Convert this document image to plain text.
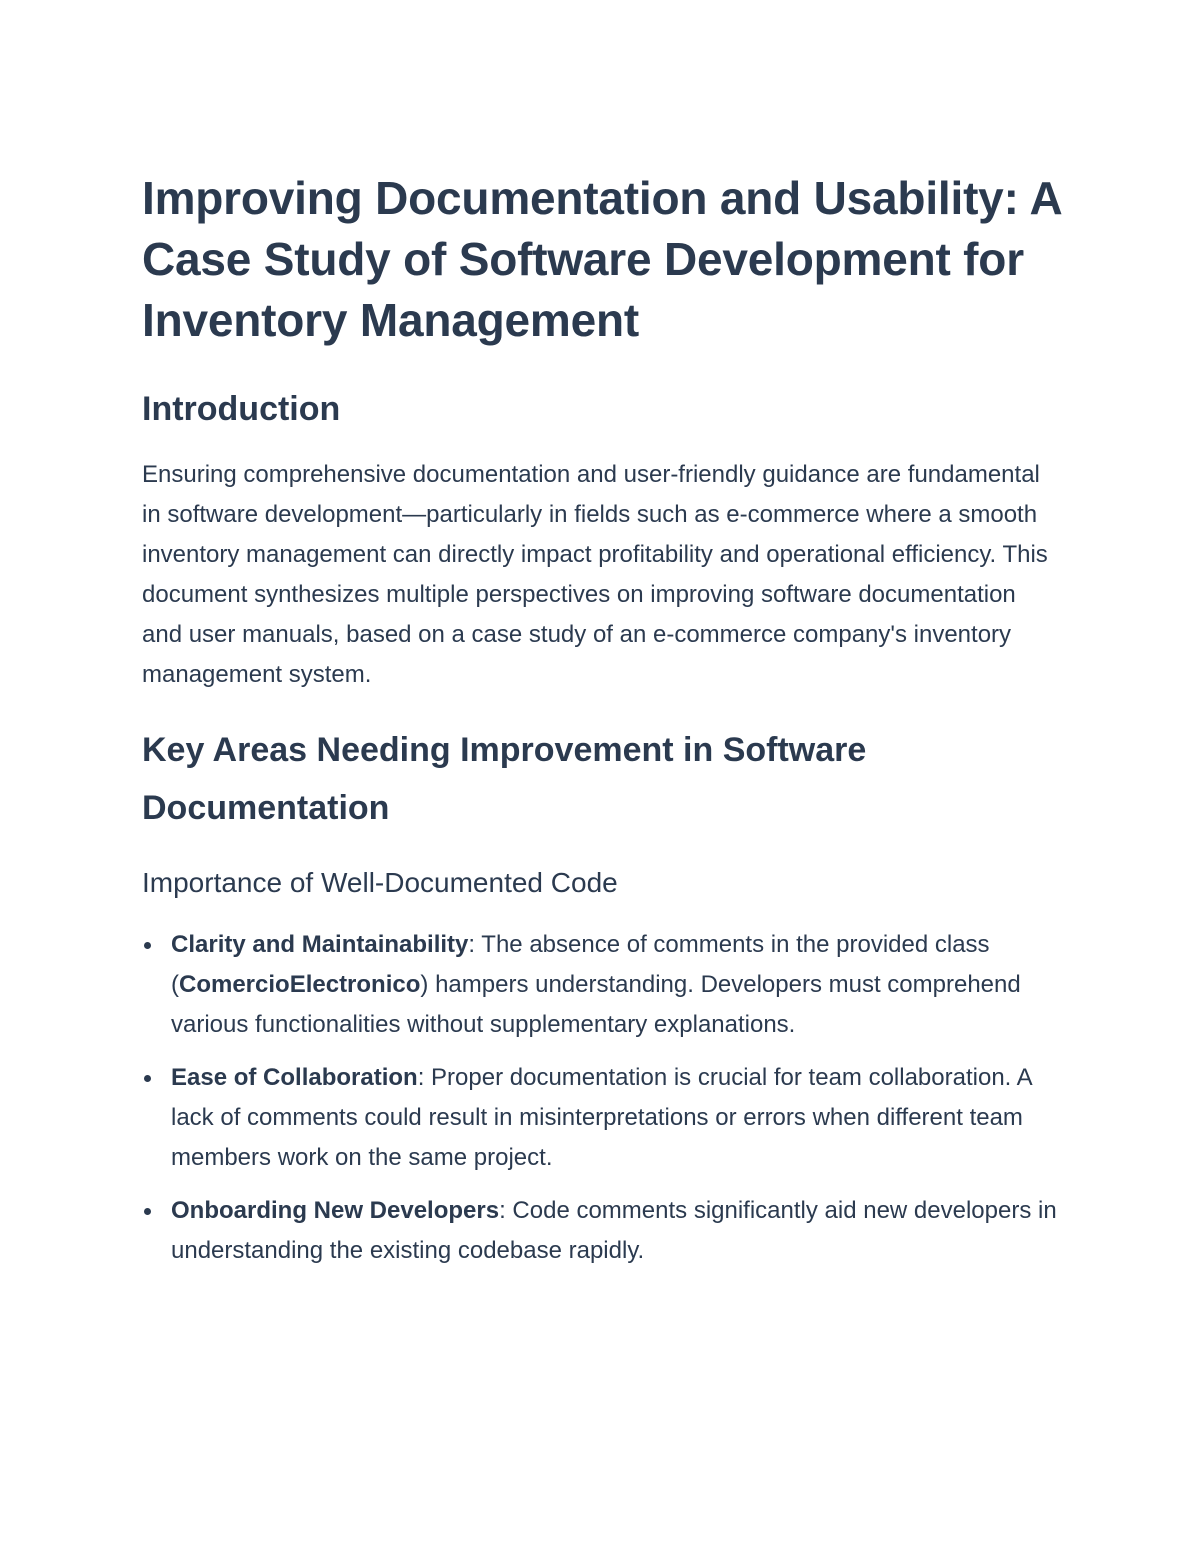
Improving Documentation and Usability: A Case Study of Software Development for Inventory Management
Introduction

Ensuring comprehensive documentation and user-friendly guidance are fundamental in software development—particularly in fields such as e-commerce where a smooth inventory management can directly impact profitability and operational efficiency. This document synthesizes multiple perspectives on improving software documentation and user manuals, based on a case study of an e-commerce company's inventory management system.

Key Areas Needing Improvement in Software Documentation
Importance of Well-Documented Code
Clarity and Maintainability: The absence of comments in the provided class (ComercioElectronico) hampers understanding. Developers must comprehend various functionalities without supplementary explanations.
Ease of Collaboration: Proper documentation is crucial for team collaboration. A lack of comments could result in misinterpretations or errors when different team members work on the same project.
Onboarding New Developers: Code comments significantly aid new developers in understanding the existing codebase rapidly.
